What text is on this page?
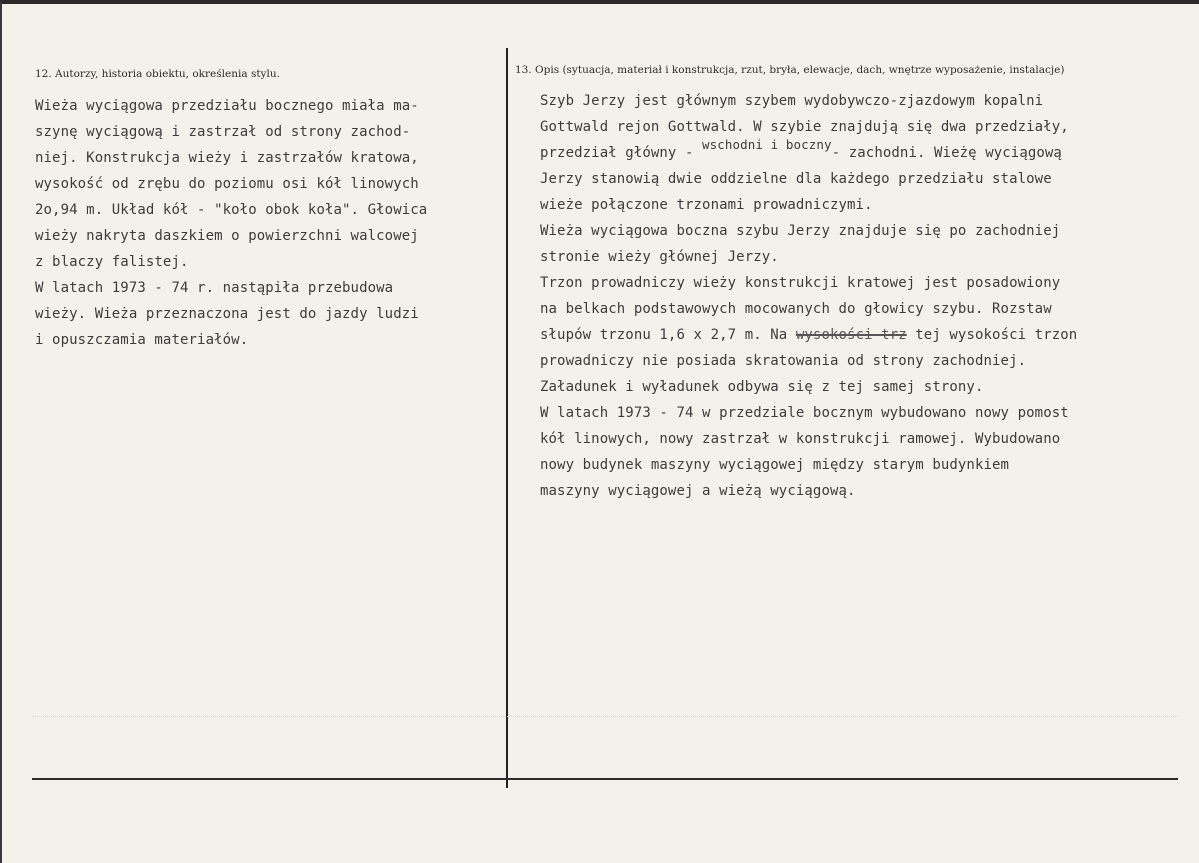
12. Autorzy, historia obiektu, określenia stylu.	13. Opis (sytuacja, materiał i konstrukcja, rzut, bryła, elewacje, dach, wnętrze wyposażenie, instalacje)
Wieża wyciągowa przedziału bocznego miała ma-
szynę wyciągową i zastrzał od strony zachod-
niej. Konstrukcja wieży i zastrzałów kratowa,
wysokość od zrębu do poziomu osi kół linowych
2o,94 m. Układ kół - "koło obok koła". Głowica
wieży nakryta daszkiem o powierzchni walcowej
z blaczy falistej.
W latach 1973 - 74 r. nastąpiła przebudowa
wieży. Wieża przeznaczona jest do jazdy ludzi
i opuszczamia materiałów.
Szyb Jerzy jest głównym szybem wydobywczo-zjazdowym kopalni
Gottwald rejon Gottwald. W szybie znajdują się dwa przedziały,
przedział główny - wschodni i boczny- zachodni. Wieżę wyciągową
Jerzy stanowią dwie oddzielne dla każdego przedziału stalowe
wieże połączone trzonami prowadniczymi.
Wieża wyciągowa boczna szybu Jerzy znajduje się po zachodniej
stronie wieży głównej Jerzy.
Trzon prowadniczy wieży konstrukcji kratowej jest posadowiony
na belkach podstawowych mocowanych do głowicy szybu. Rozstaw
słupów trzonu 1,6 x 2,7 m. Na wysokości trz tej wysokości trzon
prowadniczy nie posiada skratowania od strony zachodniej.
Załadunek i wyładunek odbywa się z tej samej strony.
W latach 1973 - 74 w przedziale bocznym wybudowano nowy pomost
kół linowych, nowy zastrzał w konstrukcji ramowej. Wybudowano
nowy budynek maszyny wyciągowej między starym budynkiem
maszyny wyciągowej a wieżą wyciągową.
